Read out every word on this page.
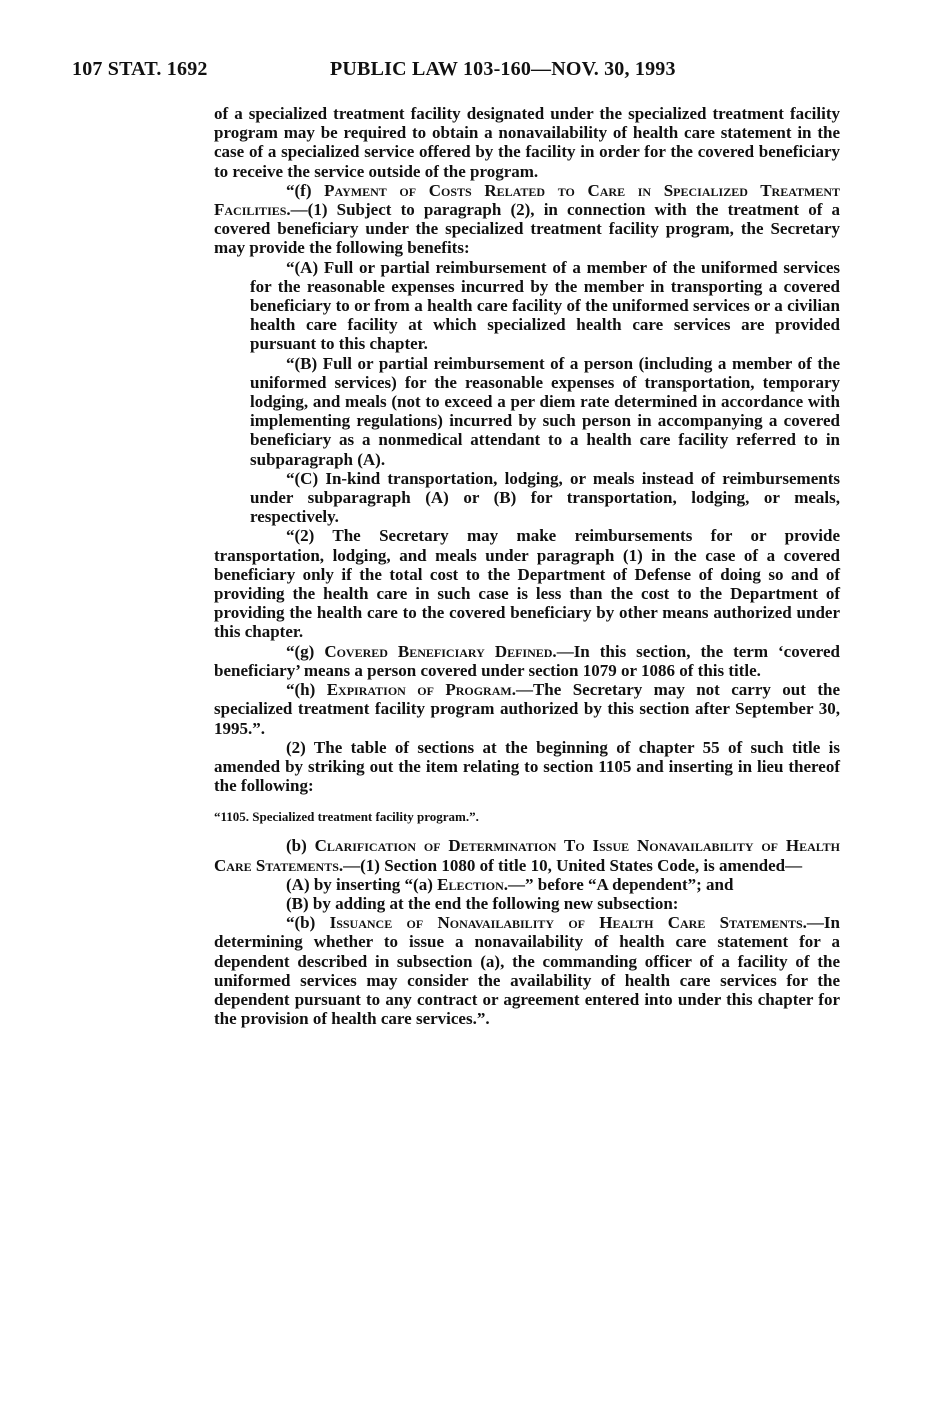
107 STAT. 1692	PUBLIC LAW 103-160—NOV. 30, 1993

of a specialized treatment facility designated under the specialized treatment facility program may be required to obtain a nonavailability of health care statement in the case of a specialized service offered by the facility in order for the covered beneficiary to receive the service outside of the program.

“(f) Payment of Costs Related to Care in Specialized Treatment Facilities.—(1) Subject to paragraph (2), in connection with the treatment of a covered beneficiary under the specialized treatment facility program, the Secretary may provide the following benefits:

“(A) Full or partial reimbursement of a member of the uniformed services for the reasonable expenses incurred by the member in transporting a covered beneficiary to or from a health care facility of the uniformed services or a civilian health care facility at which specialized health care services are provided pursuant to this chapter.

“(B) Full or partial reimbursement of a person (including a member of the uniformed services) for the reasonable expenses of transportation, temporary lodging, and meals (not to exceed a per diem rate determined in accordance with implementing regulations) incurred by such person in accompanying a covered beneficiary as a nonmedical attendant to a health care facility referred to in subparagraph (A).

“(C) In-kind transportation, lodging, or meals instead of reimbursements under subparagraph (A) or (B) for transportation, lodging, or meals, respectively.

“(2) The Secretary may make reimbursements for or provide transportation, lodging, and meals under paragraph (1) in the case of a covered beneficiary only if the total cost to the Department of Defense of doing so and of providing the health care in such case is less than the cost to the Department of providing the health care to the covered beneficiary by other means authorized under this chapter.

“(g) Covered Beneficiary Defined.—In this section, the term ‘covered beneficiary’ means a person covered under section 1079 or 1086 of this title.

“(h) Expiration of Program.—The Secretary may not carry out the specialized treatment facility program authorized by this section after September 30, 1995.”.

(2) The table of sections at the beginning of chapter 55 of such title is amended by striking out the item relating to section 1105 and inserting in lieu thereof the following:

“1105. Specialized treatment facility program.”.

(b) Clarification of Determination To Issue Nonavailability of Health Care Statements.—(1) Section 1080 of title 10, United States Code, is amended—

(A) by inserting “(a) Election.—” before “A dependent”; and

(B) by adding at the end the following new subsection:

“(b) Issuance of Nonavailability of Health Care Statements.—In determining whether to issue a nonavailability of health care statement for a dependent described in subsection (a), the commanding officer of a facility of the uniformed services may consider the availability of health care services for the dependent pursuant to any contract or agreement entered into under this chapter for the provision of health care services.”.
